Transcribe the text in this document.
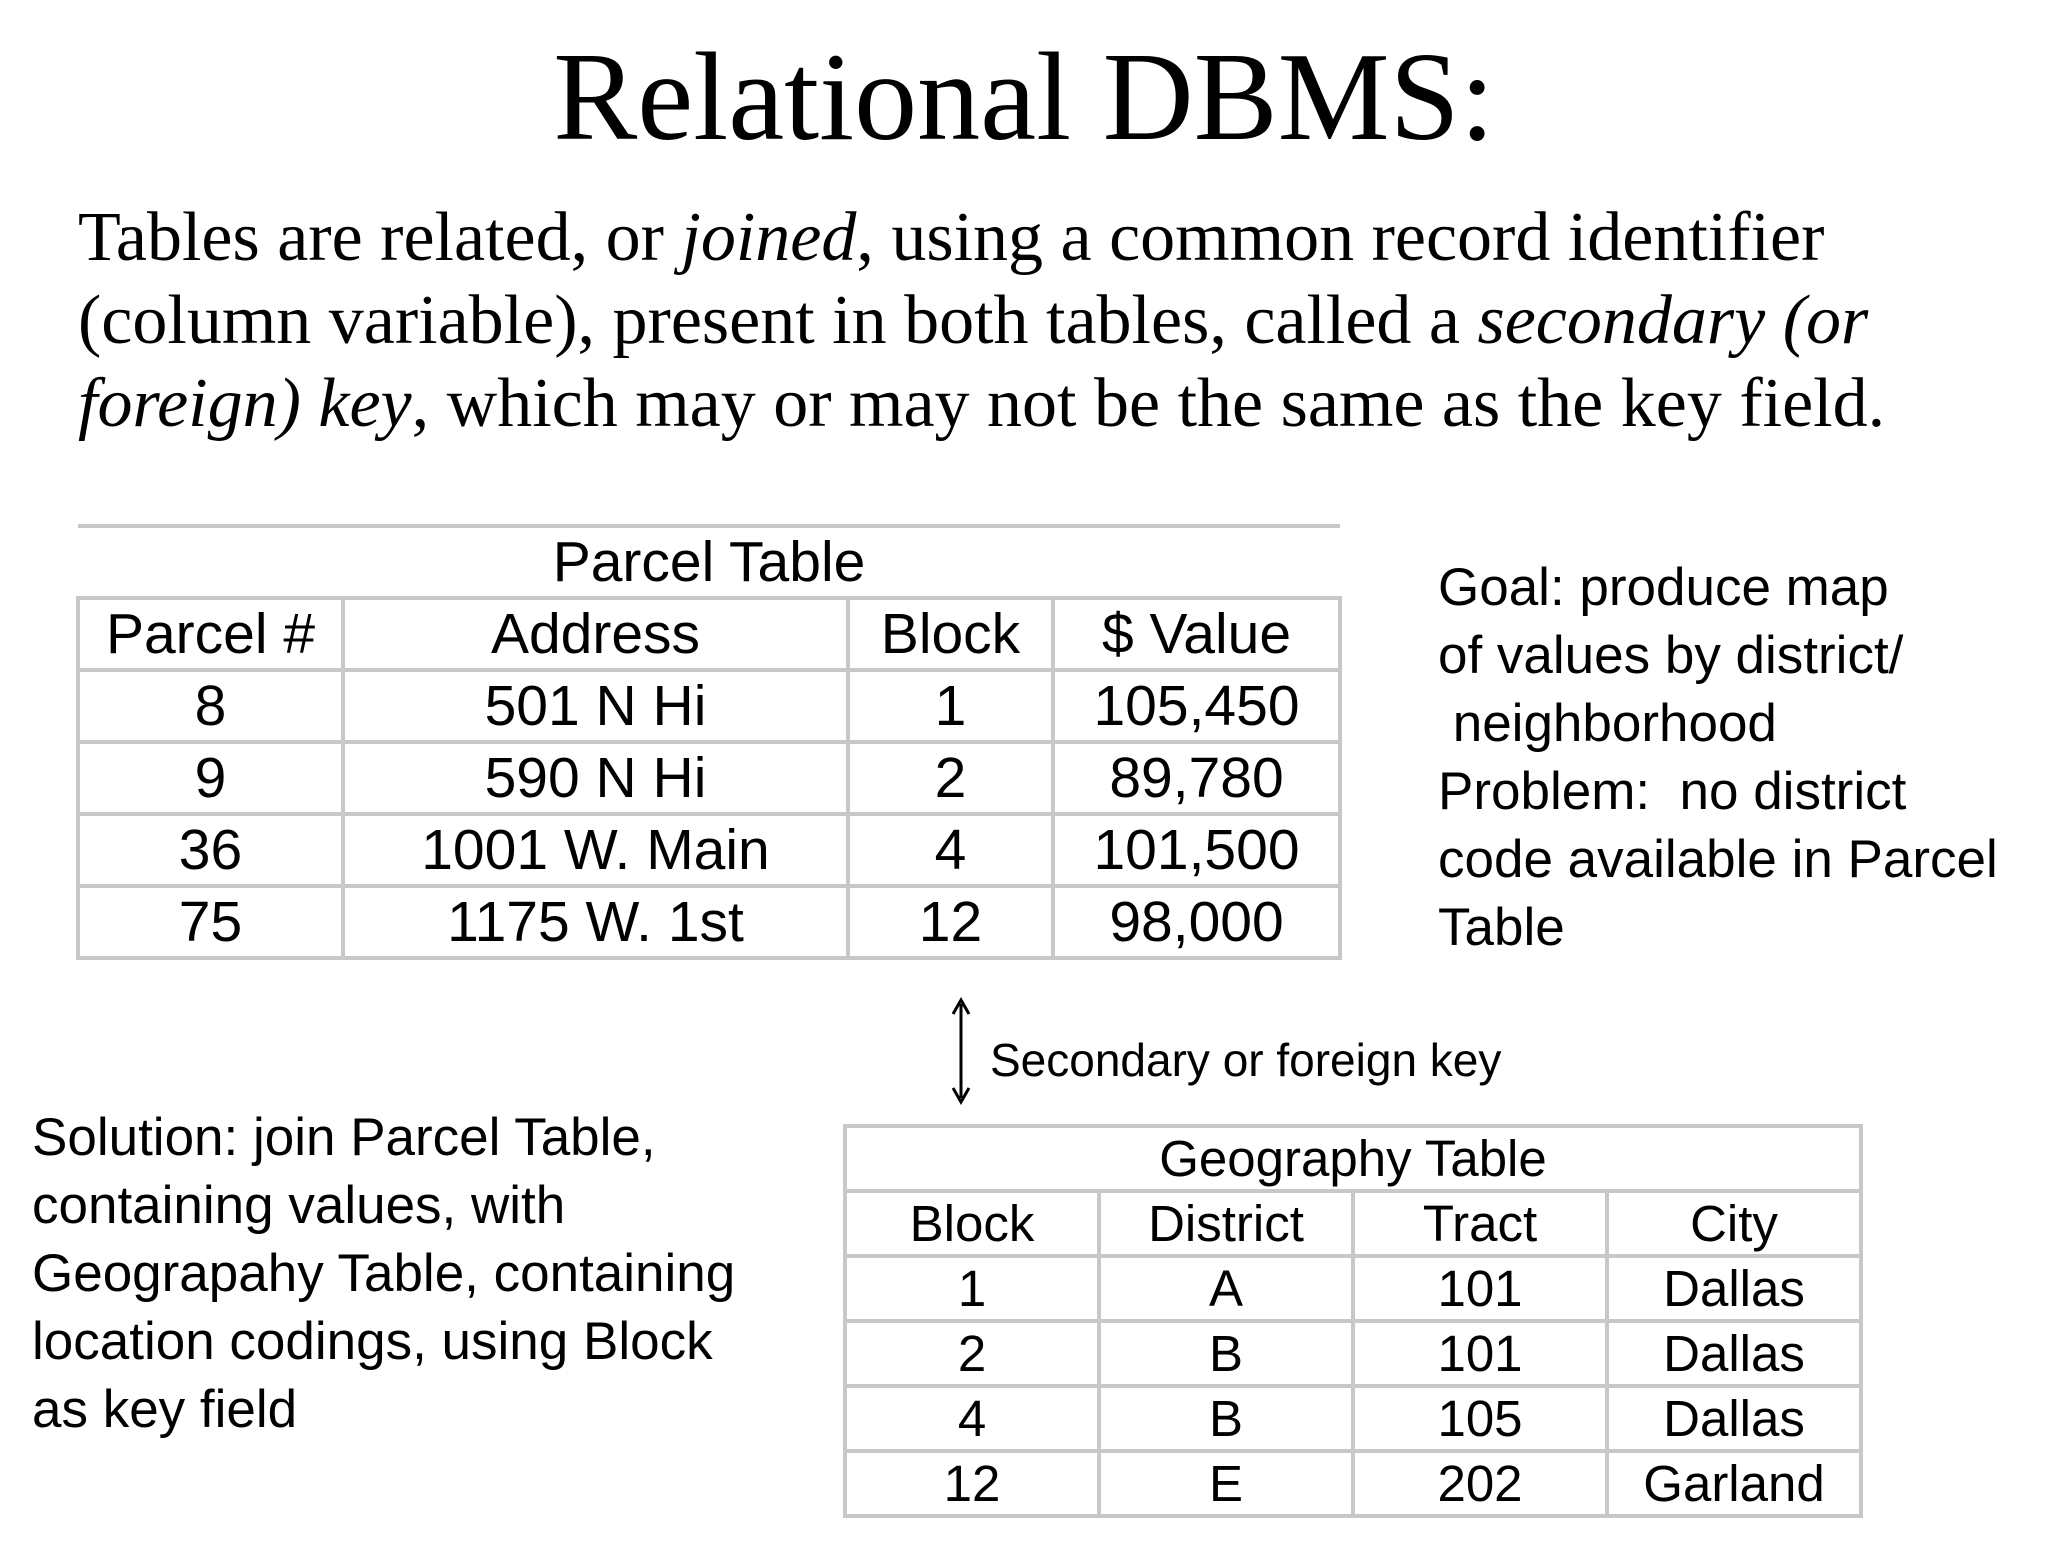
Relational DBMS:
Tables are related, or joined, using a common record identifier
(column variable), present in both tables, called a secondary (or
foreign) key, which may or may not be the same as the key field.
Parcel Table			
Parcel #	Address	Block	$ Value
8	501 N Hi	1	105,450
9	590 N Hi	2	89,780
36	1001 W. Main	4	101,500
75	1175 W. 1st	12	98,000
Goal: produce map
of values by district/
neighborhood
Problem:  no district
code available in Parcel
Table
Secondary or foreign key
Solution: join Parcel Table,
containing values, with
Geograpahy Table, containing
location codings, using Block
as key field
Geography Table			
Block	District	Tract	City
1	A	101	Dallas
2	B	101	Dallas
4	B	105	Dallas
12	E	202	Garland
